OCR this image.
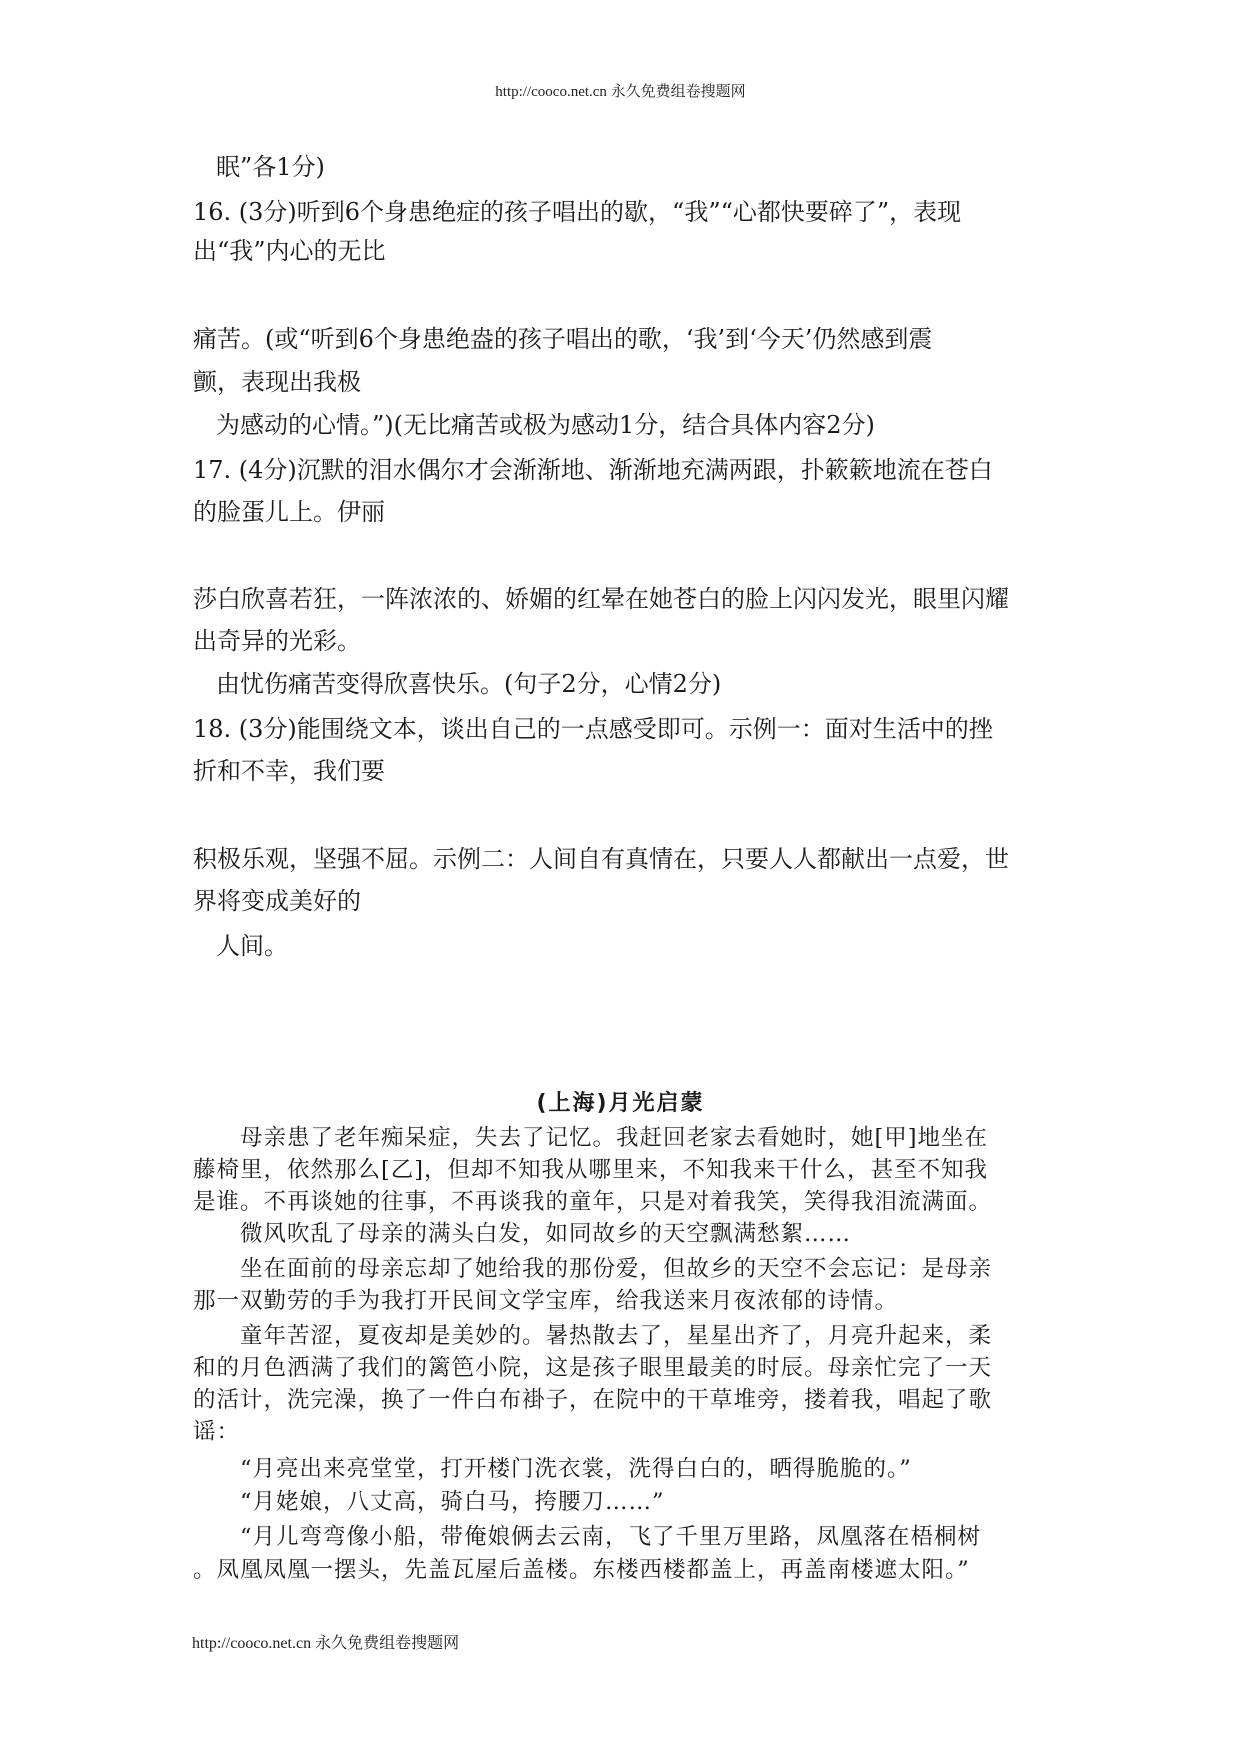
http://cooco.net.cn 永久免费组卷搜题网
眠”各1分)
16. (3分)听到6个身患绝症的孩子唱出的歇，“我”“心都快要碎了”，表现
出“我”内心的无比
痛苦。(或“听到6个身患绝盎的孩子唱出的歌，‘我’到‘今天’仍然感到震
颤，表现出我极
为感动的心情。”)(无比痛苦或极为感动1分，结合具体内容2分)
17. (4分)沉默的泪水偶尔才会渐渐地、渐渐地充满两跟，扑簌簌地流在苍白
的脸蛋儿上。伊丽
莎白欣喜若狂，一阵浓浓的、娇媚的红晕在她苍白的脸上闪闪发光，眼里闪耀
出奇异的光彩。
由忧伤痛苦变得欣喜快乐。(句子2分，心情2分)
18. (3分)能围绕文本，谈出自己的一点感受即可。示例一：面对生活中的挫
折和不幸，我们要
积极乐观，坚强不屈。示例二：人间自有真情在，只要人人都献出一点爱，世
界将变成美好的
人间。
(上海)月光启蒙
母亲患了老年痴呆症，失去了记忆。我赶回老家去看她时，她[甲]地坐在
藤椅里，依然那么[乙]，但却不知我从哪里来，不知我来干什么，甚至不知我
是谁。不再谈她的往事，不再谈我的童年，只是对着我笑，笑得我泪流满面。
微风吹乱了母亲的满头白发，如同故乡的天空飘满愁絮……
坐在面前的母亲忘却了她给我的那份爱，但故乡的天空不会忘记：是母亲
那一双勤劳的手为我打开民间文学宝库，给我送来月夜浓郁的诗情。
童年苦涩，夏夜却是美妙的。暑热散去了，星星出齐了，月亮升起来，柔
和的月色洒满了我们的篱笆小院，这是孩子眼里最美的时辰。母亲忙完了一天
的活计，洗完澡，换了一件白布褂子，在院中的干草堆旁，搂着我，唱起了歌
谣：
“月亮出来亮堂堂，打开楼门洗衣裳，洗得白白的，晒得脆脆的。”
“月姥娘，八丈高，骑白马，挎腰刀……”
“月儿弯弯像小船，带俺娘俩去云南，飞了千里万里路，凤凰落在梧桐树
。凤凰凤凰一摆头，先盖瓦屋后盖楼。东楼西楼都盖上，再盖南楼遮太阳。”
http://cooco.net.cn 永久免费组卷搜题网
